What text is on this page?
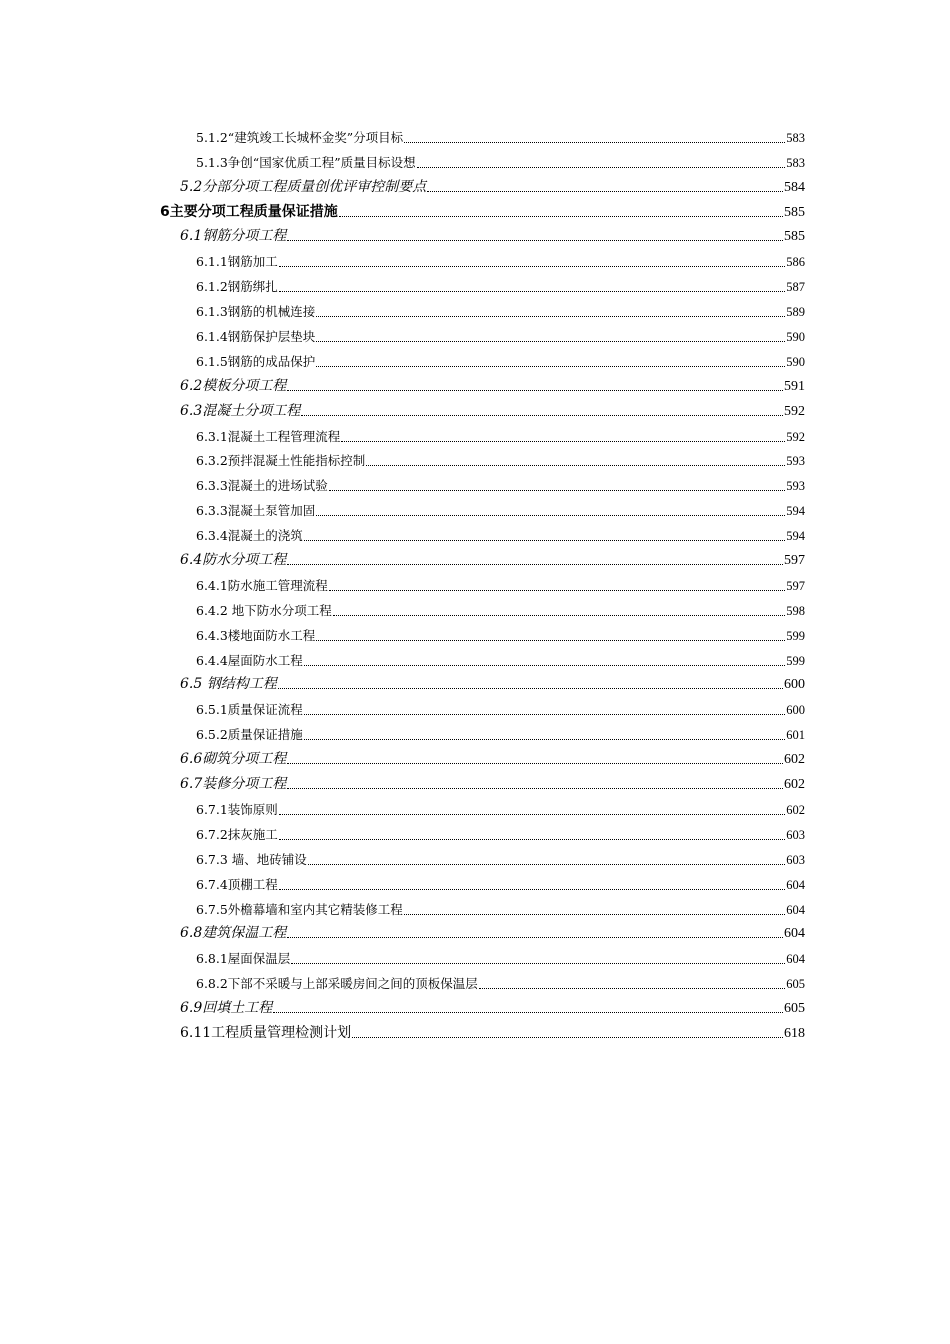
5.1.2“建筑竣工长城杯金奖”分项目标	583
5.1.3争创“国家优质工程”质量目标设想	583
5.2分部分项工程质量创优评审控制要点	584
6主要分项工程质量保证措施	585
6.1钢筋分项工程	585
6.1.1钢筋加工	586
6.1.2钢筋绑扎	587
6.1.3钢筋的机械连接	589
6.1.4钢筋保护层垫块	590
6.1.5钢筋的成品保护	590
6.2模板分项工程	591
6.3混凝土分项工程	592
6.3.1混凝土工程管理流程	592
6.3.2预拌混凝土性能指标控制	593
6.3.3混凝土的进场试验	593
6.3.3混凝土泵管加固	594
6.3.4混凝土的浇筑	594
6.4防水分项工程	597
6.4.1防水施工管理流程	597
6.4.2 地下防水分项工程	598
6.4.3楼地面防水工程	599
6.4.4屋面防水工程	599
6.5 钢结构工程	600
6.5.1质量保证流程	600
6.5.2质量保证措施	601
6.6砌筑分项工程	602
6.7装修分项工程	602
6.7.1装饰原则	602
6.7.2抹灰施工	603
6.7.3 墙、地砖铺设	603
6.7.4顶棚工程	604
6.7.5外檐幕墙和室内其它精装修工程	604
6.8建筑保温工程	604
6.8.1屋面保温层	604
6.8.2下部不采暖与上部采暖房间之间的顶板保温层	605
6.9回填土工程	605
6.11工程质量管理检测计划	618
